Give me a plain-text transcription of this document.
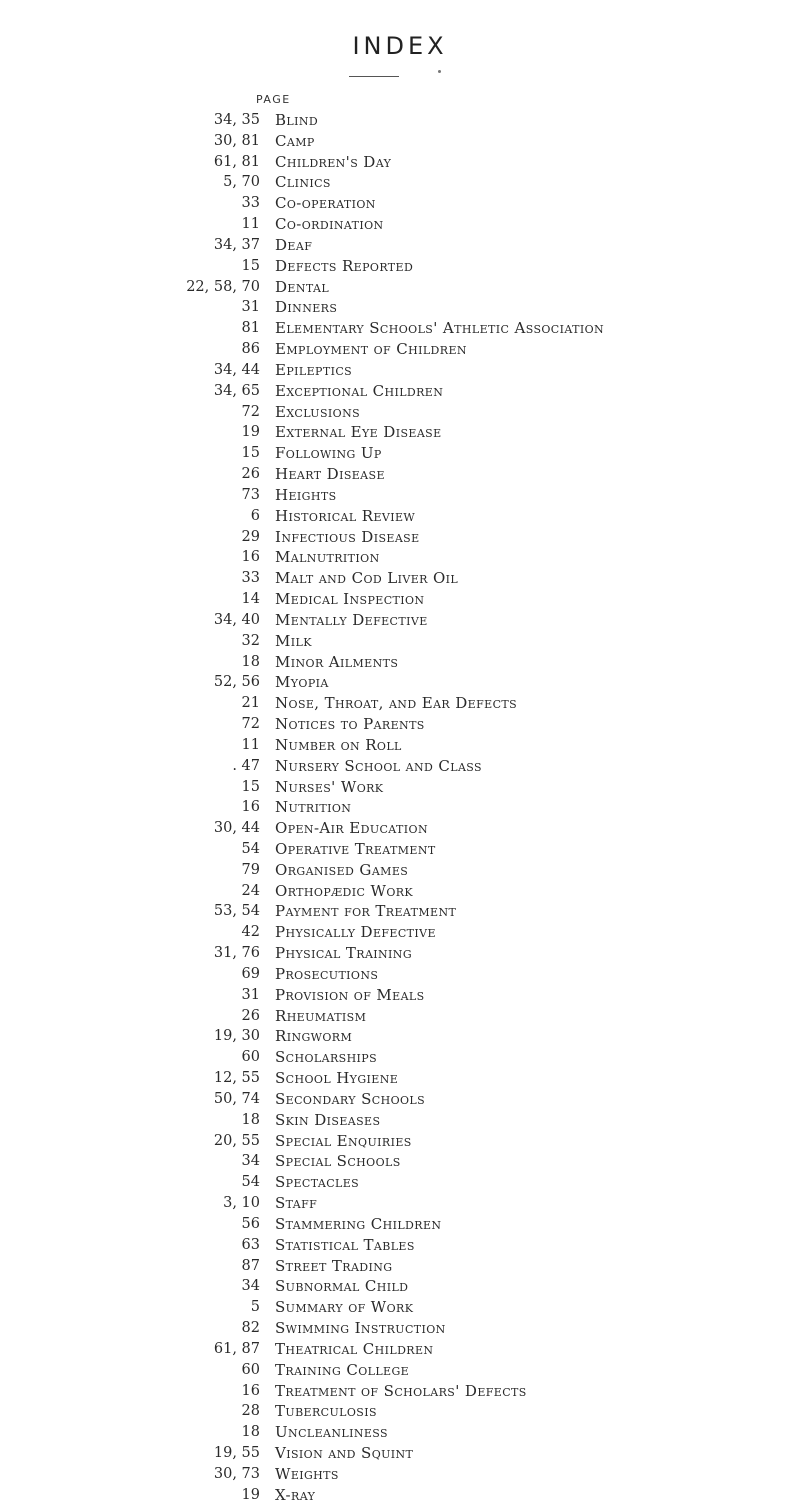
INDEX
PAGE
34, 35 Blind
30, 81 Camp
61, 81 Children's Day
5, 70 Clinics
33 Co-operation
11 Co-ordination
34, 37 Deaf
15 Defects Reported
22, 58, 70 Dental
31 Dinners
81 Elementary Schools' Athletic Association
86 Employment of Children
34, 44 Epileptics
34, 65 Exceptional Children
72 Exclusions
19 External Eye Disease
15 Following Up
26 Heart Disease
73 Heights
6 Historical Review
29 Infectious Disease
16 Malnutrition
33 Malt and Cod Liver Oil
14 Medical Inspection
34, 40 Mentally Defective
32 Milk
18 Minor Ailments
52, 56 Myopia
21 Nose, Throat, and Ear Defects
72 Notices to Parents
11 Number on Roll
. 47 Nursery School and Class
15 Nurses' Work
16 Nutrition
30, 44 Open-Air Education
54 Operative Treatment
79 Organised Games
24 Orthopædic Work
53, 54 Payment for Treatment
42 Physically Defective
31, 76 Physical Training
69 Prosecutions
31 Provision of Meals
26 Rheumatism
19, 30 Ringworm
60 Scholarships
12, 55 School Hygiene
50, 74 Secondary Schools
18 Skin Diseases
20, 55 Special Enquiries
34 Special Schools
54 Spectacles
3, 10 Staff
56 Stammering Children
63 Statistical Tables
87 Street Trading
34 Subnormal Child
5 Summary of Work
82 Swimming Instruction
61, 87 Theatrical Children
60 Training College
16 Treatment of Scholars' Defects
28 Tuberculosis
18 Uncleanliness
19, 55 Vision and Squint
30, 73 Weights
19 X-ray
